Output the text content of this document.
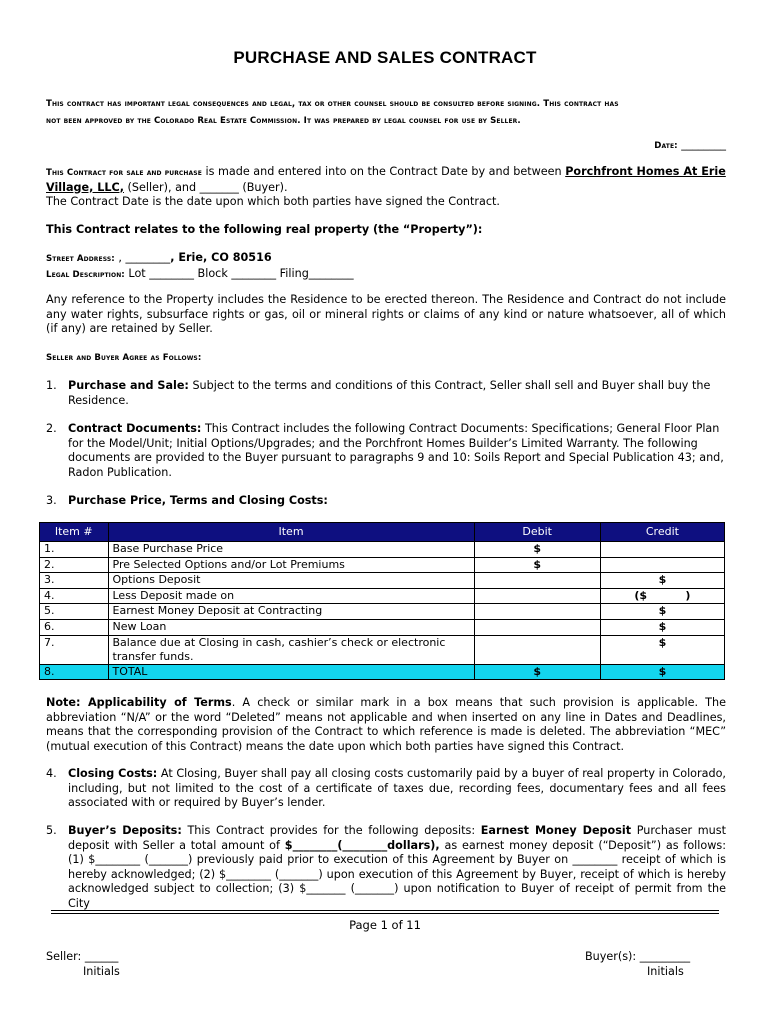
PURCHASE AND SALES CONTRACT
This contract has important legal consequences and legal, tax or other counsel should be consulted before signing. This contract has
not been approved by the Colorado Real Estate Commission. It was prepared by legal counsel for use by Seller.
Date: ________
This Contract for sale and purchase is made and entered into on the Contract Date by and between Porchfront Homes At Erie Village, LLC, (Seller), and _______ (Buyer).
The Contract Date is the date upon which both parties have signed the Contract.
This Contract relates to the following real property (the “Property”):
Street Address: , ________, Erie, CO 80516
Legal Description: Lot ________ Block ________ Filing________
Any reference to the Property includes the Residence to be erected thereon. The Residence and Contract do not include any water rights, subsurface rights or gas, oil or mineral rights or claims of any kind or nature whatsoever, all of which (if any) are retained by Seller.
Seller and Buyer Agree as Follows:
1.	Purchase and Sale: Subject to the terms and conditions of this Contract, Seller shall sell and Buyer shall buy the Residence.
2.	Contract Documents: This Contract includes the following Contract Documents: Specifications; General Floor Plan for the Model/Unit; Initial Options/Upgrades; and the Porchfront Homes Builder’s Limited Warranty. The following documents are provided to the Buyer pursuant to paragraphs 9 and 10: Soils Report and Special Publication 43; and, Radon Publication.
3.	Purchase Price, Terms and Closing Costs:
Item #	Item	Debit	Credit
1.	Base Purchase Price	$	
2.	Pre Selected Options and/or Lot Premiums	$	
3.	Options Deposit		$
4.	Less Deposit made on		($          )
5.	Earnest Money Deposit at Contracting		$
6.	New Loan		$
7.	Balance due at Closing in cash, cashier’s check or electronic transfer funds.		$
8.	TOTAL	$	$
Note: Applicability of Terms. A check or similar mark in a box means that such provision is applicable. The abbreviation “N/A” or the word “Deleted” means not applicable and when inserted on any line in Dates and Deadlines, means that the corresponding provision of the Contract to which reference is made is deleted. The abbreviation “MEC” (mutual execution of this Contract) means the date upon which both parties have signed this Contract.
4.	Closing Costs: At Closing, Buyer shall pay all closing costs customarily paid by a buyer of real property in Colorado, including, but not limited to the cost of a certificate of taxes due, recording fees, documentary fees and all fees associated with or required by Buyer’s lender.
5.	Buyer’s Deposits: This Contract provides for the following deposits: Earnest Money Deposit Purchaser must deposit with Seller a total amount of $________(________dollars), as earnest money deposit (“Deposit”) as follows: (1) $________ (_______) previously paid prior to execution of this Agreement by Buyer on ________ receipt of which is hereby acknowledged; (2) $________ (_______) upon execution of this Agreement by Buyer, receipt of which is hereby acknowledged subject to collection; (3) $_______ (_______) upon notification to Buyer of receipt of permit from the City
Page 1 of 11
Seller: ______
Initials
Buyer(s): _________
Initials
